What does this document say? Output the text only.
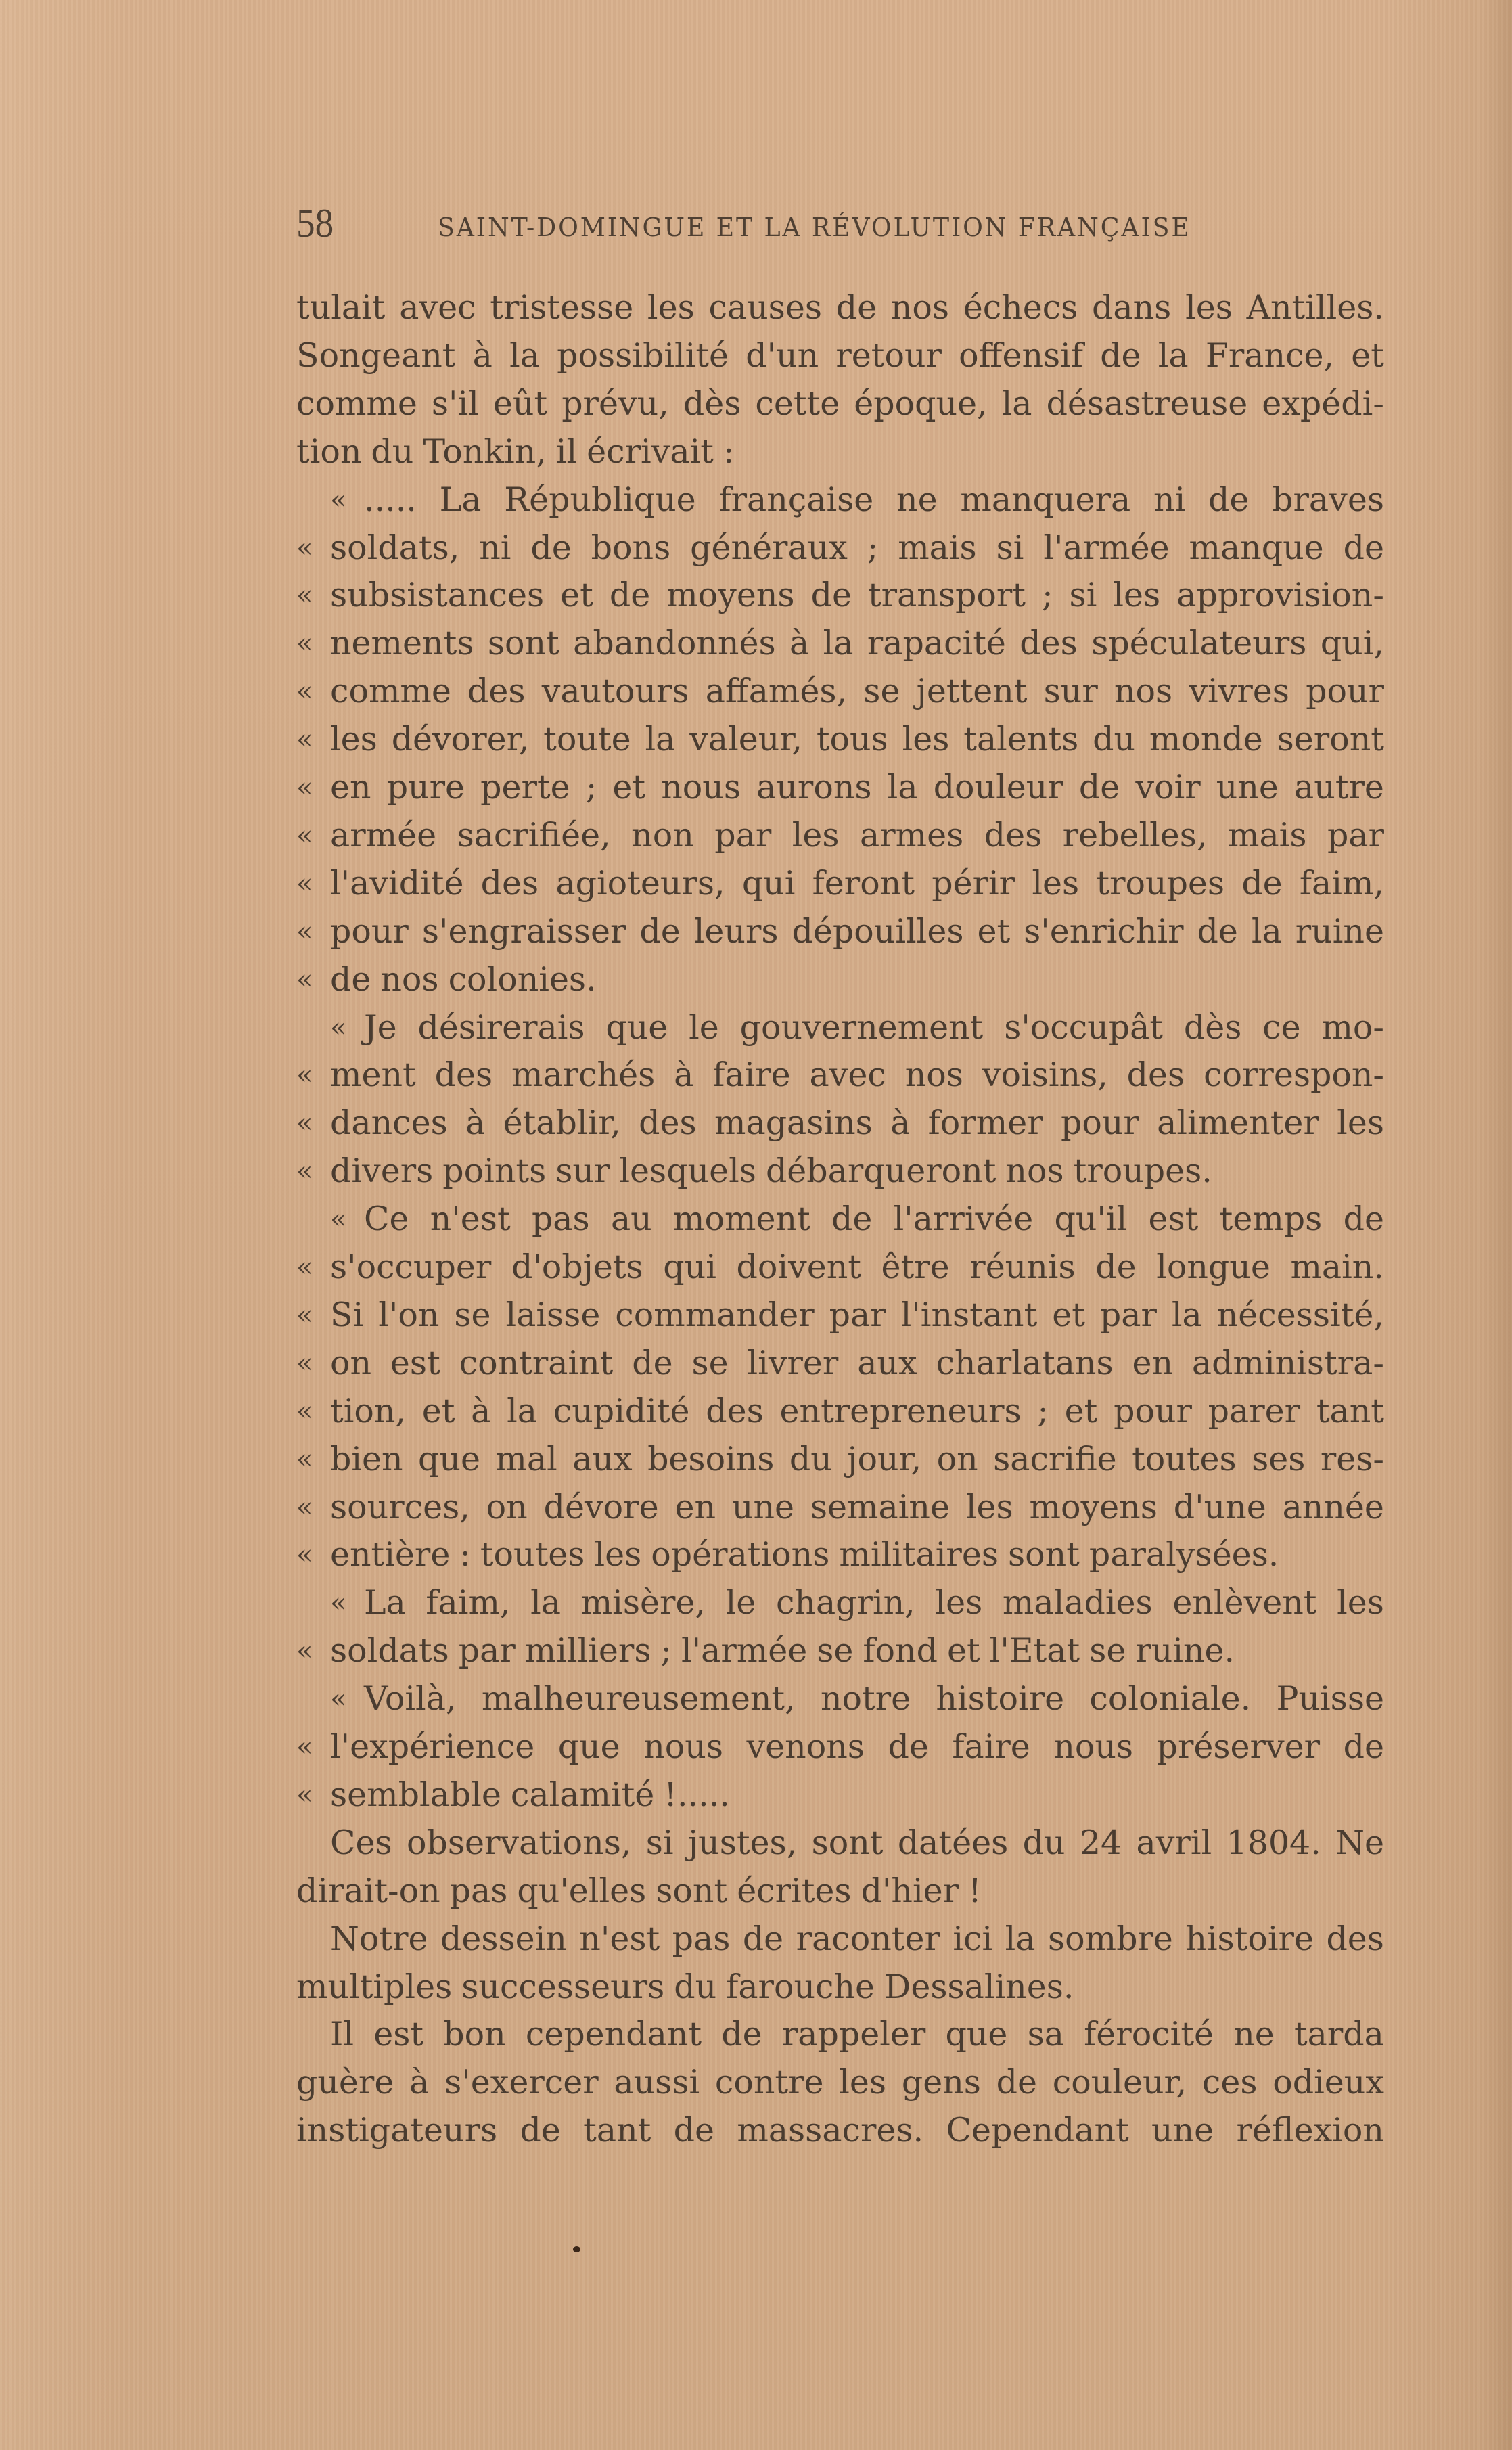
58	SAINT-DOMINGUE ET LA RÉVOLUTION FRANÇAISE
tulait avec tristesse les causes de nos échecs dans les Antilles.
Songeant à la possibilité d'un retour offensif de la France, et
comme s'il eût prévu, dès cette époque, la désastreuse expédi-
tion du Tonkin, il écrivait :
« ..... La République française ne manquera ni de braves
« soldats, ni de bons généraux ; mais si l'armée manque de
« subsistances et de moyens de transport ; si les approvision-
« nements sont abandonnés à la rapacité des spéculateurs qui,
« comme des vautours affamés, se jettent sur nos vivres pour
« les dévorer, toute la valeur, tous les talents du monde seront
« en pure perte ; et nous aurons la douleur de voir une autre
« armée sacrifiée, non par les armes des rebelles, mais par
« l'avidité des agioteurs, qui feront périr les troupes de faim,
« pour s'engraisser de leurs dépouilles et s'enrichir de la ruine
« de nos colonies.
« Je désirerais que le gouvernement s'occupât dès ce mo-
« ment des marchés à faire avec nos voisins, des correspon-
« dances à établir, des magasins à former pour alimenter les
« divers points sur lesquels débarqueront nos troupes.
« Ce n'est pas au moment de l'arrivée qu'il est temps de
« s'occuper d'objets qui doivent être réunis de longue main.
« Si l'on se laisse commander par l'instant et par la nécessité,
« on est contraint de se livrer aux charlatans en administra-
« tion, et à la cupidité des entrepreneurs ; et pour parer tant
« bien que mal aux besoins du jour, on sacrifie toutes ses res-
« sources, on dévore en une semaine les moyens d'une année
« entière : toutes les opérations militaires sont paralysées.
« La faim, la misère, le chagrin, les maladies enlèvent les
« soldats par milliers ; l'armée se fond et l'Etat se ruine.
« Voilà, malheureusement, notre histoire coloniale. Puisse
« l'expérience que nous venons de faire nous préserver de
« semblable calamité !.....
Ces observations, si justes, sont datées du 24 avril 1804. Ne
dirait-on pas qu'elles sont écrites d'hier !
Notre dessein n'est pas de raconter ici la sombre histoire des
multiples successeurs du farouche Dessalines.
Il est bon cependant de rappeler que sa férocité ne tarda
guère à s'exercer aussi contre les gens de couleur, ces odieux
instigateurs de tant de massacres. Cependant une réflexion
